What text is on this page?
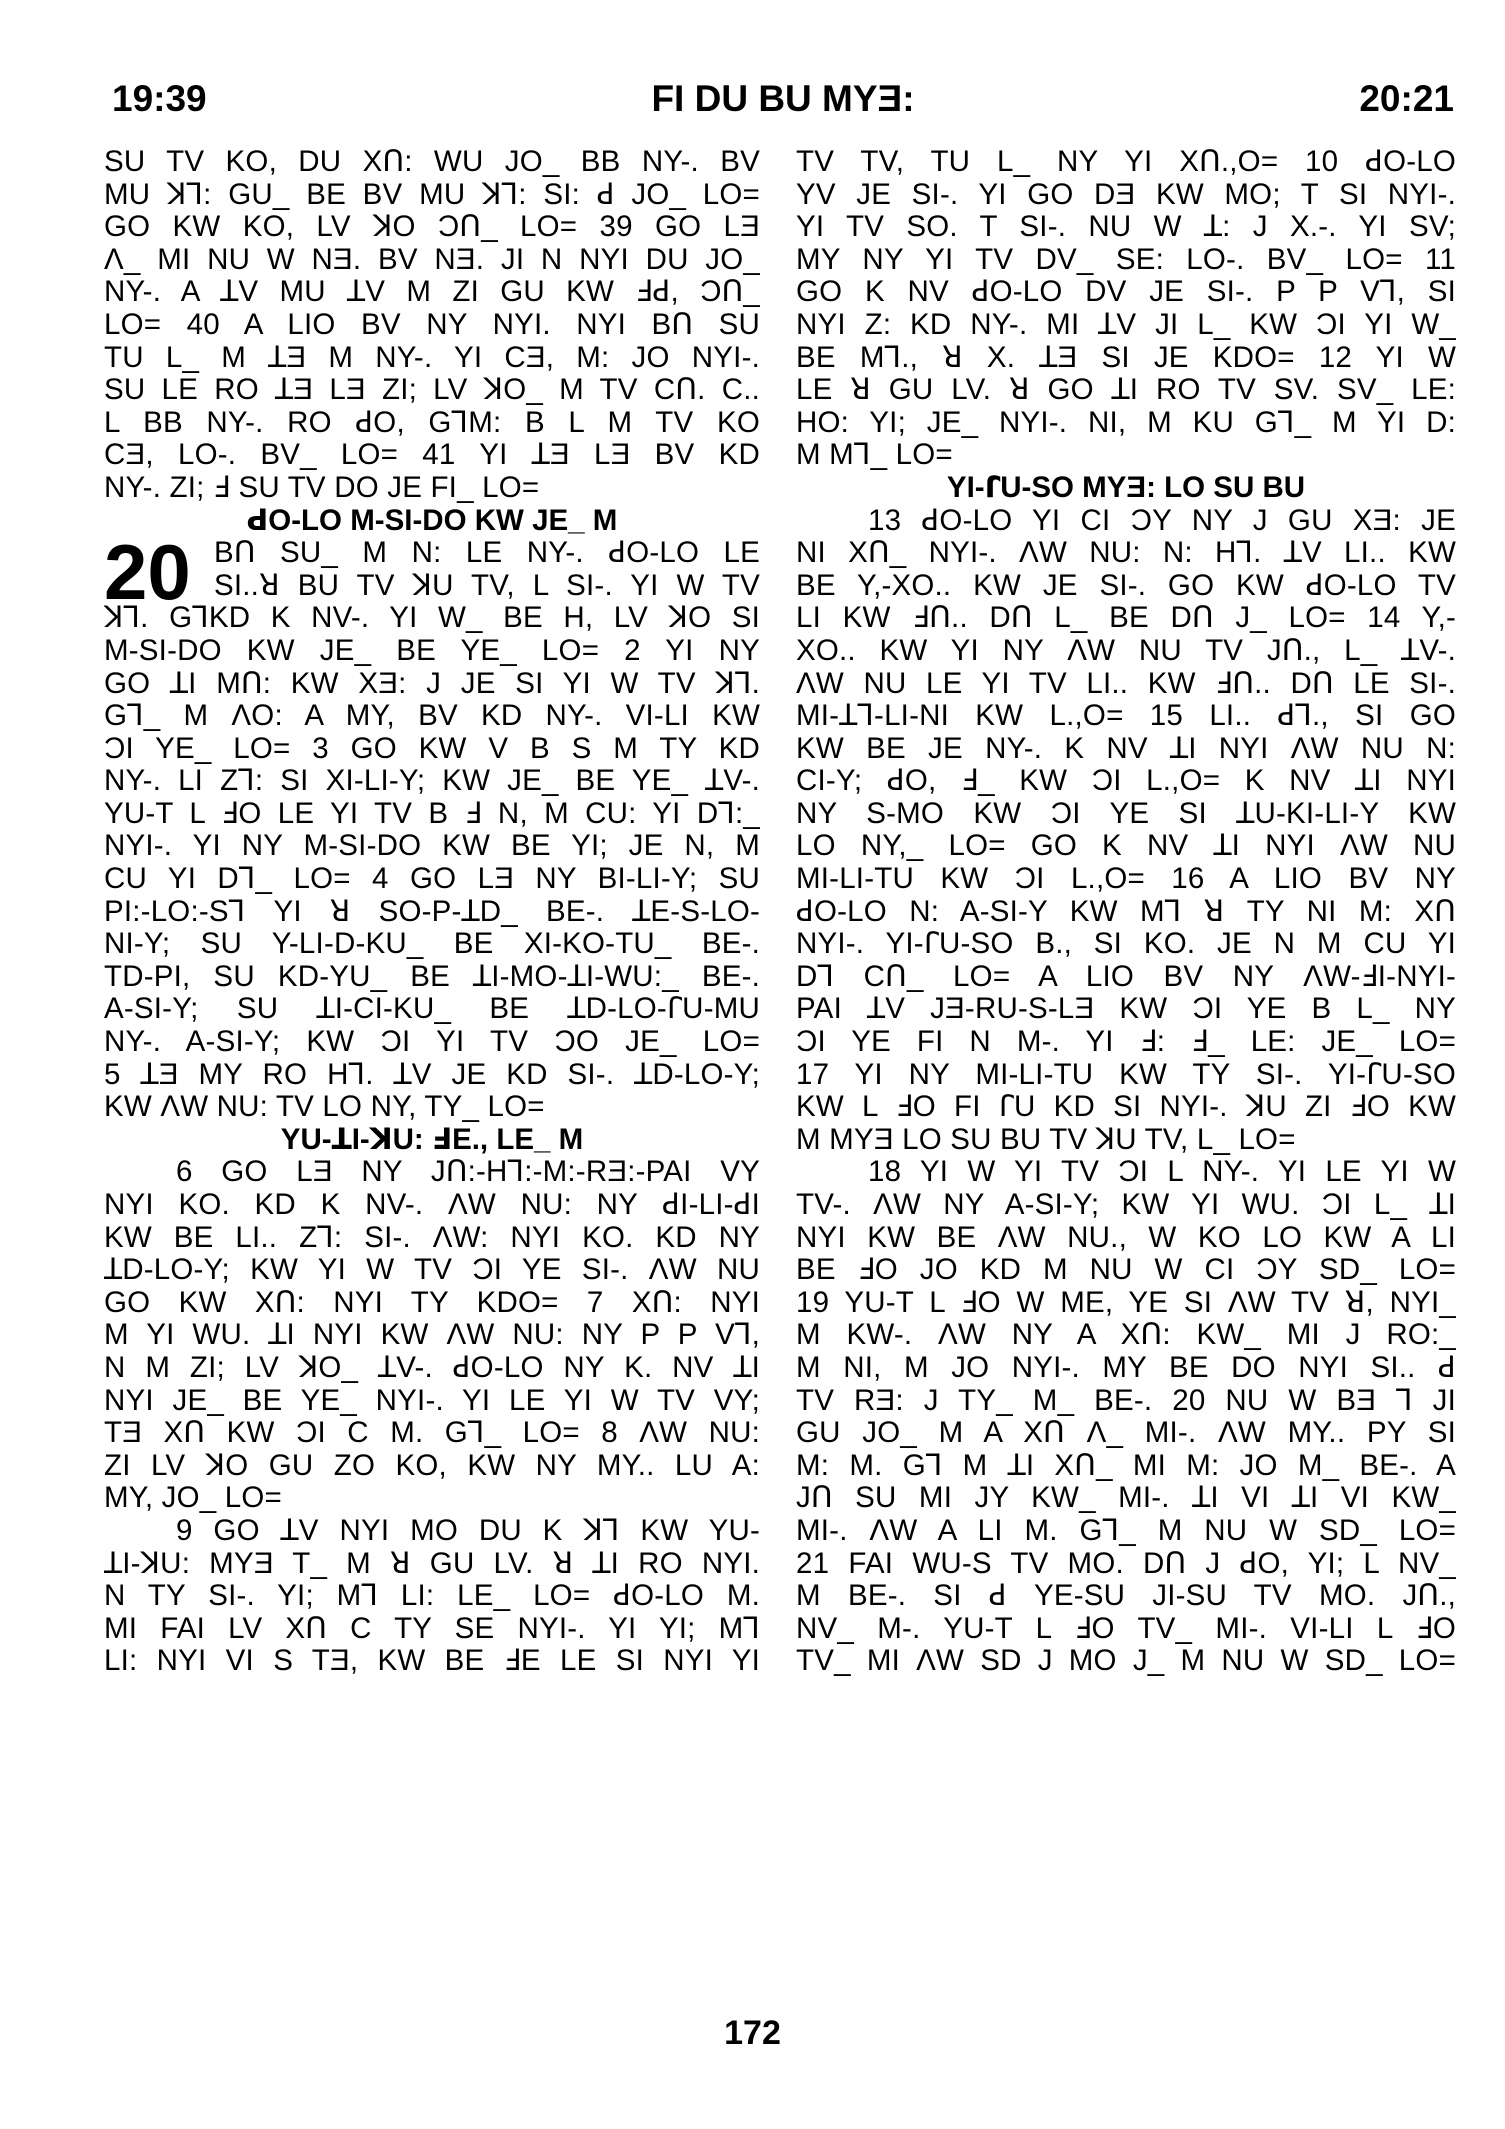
19:39	FI DU BU MYƎ:	20:21
SU TV KO, DU XՈ: WU JO_ BB NY-. BV
MU ꓘꓶ: GU_ BE BV MU ꓘꓶ: SI: ꓒ JO_ LO=
GO KW KO, LV ꓘO ƆՈ_ LO= 39 GO LƎ
Λ_ MI NU W NƎ. BV NƎ. JI N NYI DU JO_
NY-. A ꓕV MU ꓕV M ZI GU KW ꓞꓒ, ƆՈ_
LO= 40 A LIO BV NY NYI. NYI BՈ SU
TU L_ M ꓕƎ M NY-. YI CƎ, M: JO NYI-.
SU LE RO ꓕƎ LƎ ZI; LV ꓘO_ M TV CՈ. C..
L BB NY-. RO ꓒO, GꓶM: B L M TV KO
CƎ, LO-. BV_ LO= 41 YI ꓕƎ LƎ BV KD
NY-. ZI; ꓞ SU TV DO JE FI_ LO=
ꓒO-LO M-SI-DO KW JE_ M
20 BՈ SU_ M N: LE NY-. ꓒO-LO LE
SI..ꓤ BU TV ꓘU TV, L SI-. YI W TV
ꓘꓶ. GꓶKD K NV-. YI W_ BE H, LV ꓘO SI
M-SI-DO KW JE_ BE YE_ LO= 2 YI NY
GO ꓕI MՈ: KW XƎ: J JE SI YI W TV ꓘꓶ.
Gꓶ_ M ΛO: A MY, BV KD NY-. VI-LI KW
ƆI YE_ LO= 3 GO KW V B S M TY KD
NY-. LI Zꓶ: SI XI-LI-Y; KW JE_ BE YE_ ꓕV-.
YU-T L ꓞO LE YI TV B ꓞ N, M CU: YI Dꓶ:_
NYI-. YI NY M-SI-DO KW BE YI; JE N, M
CU YI Dꓶ_ LO= 4 GO LƎ NY BI-LI-Y; SU
PI:-LO:-Sꓶ YI ꓤ SO-P-ꓕD_ BE-. ꓕE-S-LO-
NI-Y; SU Y-LI-D-KU_ BE XI-KO-TU_ BE-.
TD-PI, SU KD-YU_ BE ꓕI-MO-ꓕI-WU:_ BE-.
A-SI-Y; SU ꓕI-CI-KU_ BE ꓕD-LO-ꓩU-MU
NY-. A-SI-Y; KW ƆI YI TV ƆO JE_ LO=
5 ꓕƎ MY RO Hꓶ. ꓕV JE KD SI-. ꓕD-LO-Y;
KW ΛW NU: TV LO NY, TY_ LO=
YU-ꓕI-ꓘU: ꓞE., LE_ M
6 GO LƎ NY JՈ:-Hꓶ:-M:-RƎ:-PAI VY
NYI KO. KD K NV-. ΛW NU: NY ꓒI-LI-ꓒI
KW BE LI.. Zꓶ: SI-. ΛW: NYI KO. KD NY
ꓕD-LO-Y; KW YI W TV ƆI YE SI-. ΛW NU
GO KW XՈ: NYI TY KDO= 7 XՈ: NYI
M YI WU. ꓕI NYI KW ΛW NU: NY P P Vꓶ,
N M ZI; LV ꓘO_ ꓕV-. ꓒO-LO NY K. NV ꓕI
NYI JE_ BE YE_ NYI-. YI LE YI W TV VY;
TƎ XՈ KW ƆI C M. Gꓶ_ LO= 8 ΛW NU:
ZI LV ꓘO GU ZO KO, KW NY MY.. LU A:
MY, JO_ LO=
9 GO ꓕV NYI MO DU K ꓘꓶ KW YU-
ꓕI-ꓘU: MYƎ T_ M ꓤ GU LV. ꓤ ꓕI RO NYI.
N TY SI-. YI; Mꓶ LI: LE_ LO= ꓒO-LO M.
MI FAI LV XՈ C TY SE NYI-. YI YI; Mꓶ
LI: NYI VI S TƎ, KW BE ꓞE LE SI NYI YI
TV TV, TU L_ NY YI XՈ.,O= 10 ꓒO-LO
YV JE SI-. YI GO DƎ KW MO; T SI NYI-.
YI TV SO. T SI-. NU W ꓕ: J X.-. YI SV;
MY NY YI TV DV_ SE: LO-. BV_ LO= 11
GO K NV ꓒO-LO DV JE SI-. P P Vꓶ, SI
NYI Z: KD NY-. MI ꓕV JI L_ KW ƆI YI W_
BE Mꓶ., ꓤ X. ꓕƎ SI JE KDO= 12 YI W
LE ꓤ GU LV. ꓤ GO ꓕI RO TV SV. SV_ LE:
HO: YI; JE_ NYI-. NI, M KU Gꓶ_ M YI D:
M Mꓶ_ LO=
YI-ꓩU-SO MYƎ: LO SU BU
13 ꓒO-LO YI CI ƆY NY J GU XƎ: JE
NI XՈ_ NYI-. ΛW NU: N: Hꓶ. ꓕV LI.. KW
BE Y,-XO.. KW JE SI-. GO KW ꓒO-LO TV
LI KW ꓞՈ.. DՈ L_ BE DՈ J_ LO= 14 Y,-
XO.. KW YI NY ΛW NU TV JՈ., L_ ꓕV-.
ΛW NU LE YI TV LI.. KW ꓞՈ.. DՈ LE SI-.
MI-ꓕꓶ-LI-NI KW L.,O= 15 LI.. ꓒꓶ., SI GO
KW BE JE NY-. K NV ꓕI NYI ΛW NU N:
CI-Y; ꓒO, ꓞ_ KW ƆI L.,O= K NV ꓕI NYI
NY S-MO KW ƆI YE SI ꓕU-KI-LI-Y KW
LO NY,_ LO= GO K NV ꓕI NYI ΛW NU
MI-LI-TU KW ƆI L.,O= 16 A LIO BV NY
ꓒO-LO N: A-SI-Y KW Mꓶ ꓤ TY NI M: XՈ
NYI-. YI-ꓩU-SO B., SI KO. JE N M CU YI
Dꓶ CՈ_ LO= A LIO BV NY ΛW-ꓞI-NYI-
PAI ꓕV JƎ-RU-S-LƎ KW ƆI YE B L_ NY
ƆI YE FI N M-. YI ꓞ: ꓞ_ LE: JE_ LO=
17 YI NY MI-LI-TU KW TY SI-. YI-ꓩU-SO
KW L ꓞO FI ꓩU KD SI NYI-. ꓘU ZI ꓞO KW
M MYƎ LO SU BU TV ꓘU TV, L_ LO=
18 YI W YI TV ƆI L NY-. YI LE YI W
TV-. ΛW NY A-SI-Y; KW YI WU. ƆI L_ ꓕI
NYI KW BE ΛW NU., W KO LO KW A LI
BE ꓞO JO KD M NU W CI ƆY SD_ LO=
19 YU-T L ꓞO W ME, YE SI ΛW TV ꓤ, NYI_
M KW-. ΛW NY A XՈ: KW_ MI J RO:_
M NI, M JO NYI-. MY BE DO NYI SI.. ꓒ
TV RƎ: J TY_ M_ BE-. 20 NU W BƎ ꓶ JI
GU JO_ M A XՈ Λ_ MI-. ΛW MY.. PY SI
M: M. Gꓶ M ꓕI XՈ_ MI M: JO M_ BE-. A
JՈ SU MI JY KW_ MI-. ꓕI VI ꓕI VI KW_
MI-. ΛW A LI M. Gꓶ_ M NU W SD_ LO=
21 FAI WU-S TV MO. DՈ J ꓒO, YI; L NV_
M BE-. SI ꓒ YE-SU JI-SU TV MO. JՈ.,
NV_ M-. YU-T L ꓞO TV_ MI-. VI-LI L ꓞO
TV_ MI ΛW SD J MO J_ M NU W SD_ LO=
172
